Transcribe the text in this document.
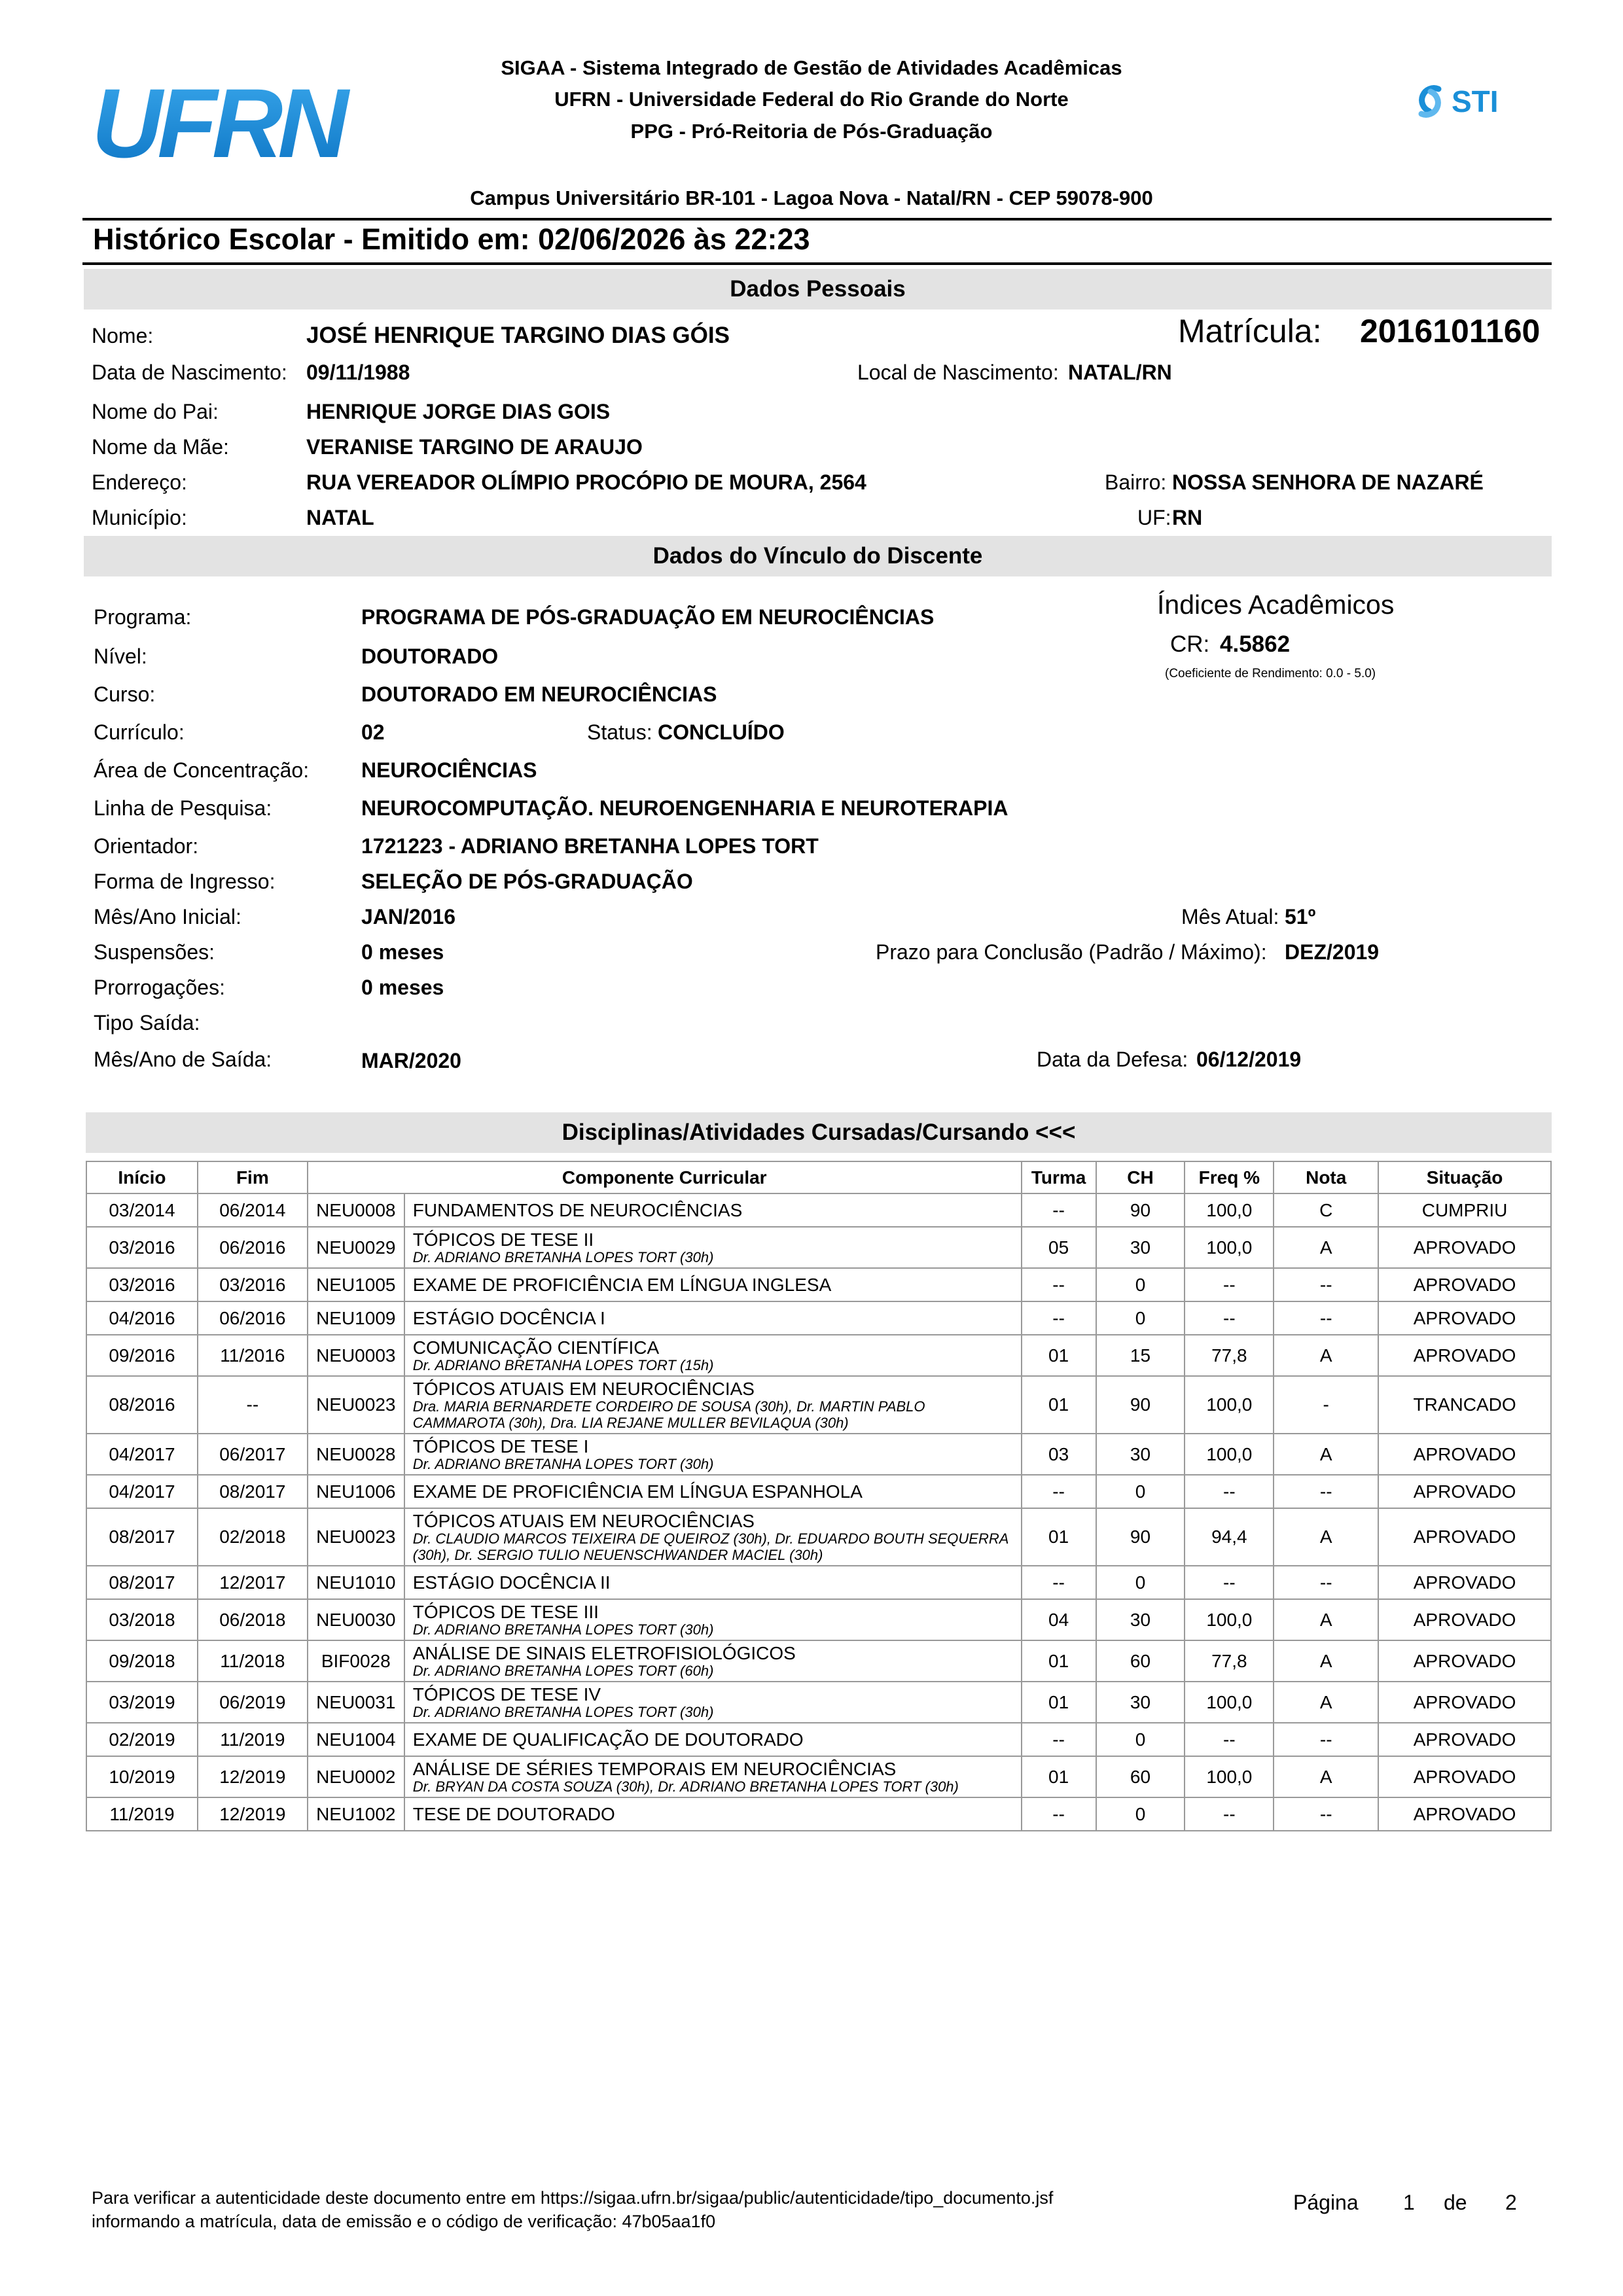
UFRN
SIGAA - Sistema Integrado de Gestão de Atividades Acadêmicas
UFRN - Universidade Federal do Rio Grande do Norte
PPG - Pró-Reitoria de Pós-Graduação
STI
Campus Universitário BR-101 - Lagoa Nova - Natal/RN - CEP 59078-900
Histórico Escolar - Emitido em: 02/06/2026 às 22:23
Dados Pessoais
Nome:	JOSÉ HENRIQUE TARGINO DIAS GÓIS	Matrícula: 2016101160
Data de Nascimento: 09/11/1988	Local de Nascimento: NATAL/RN
Nome do Pai:	HENRIQUE JORGE DIAS GOIS
Nome da Mãe:	VERANISE TARGINO DE ARAUJO
Endereço:	RUA VEREADOR OLÍMPIO PROCÓPIO DE MOURA, 2564	Bairro: NOSSA SENHORA DE NAZARÉ
Município:	NATAL	UF: RN
Dados do Vínculo do Discente
Programa:	PROGRAMA DE PÓS-GRADUAÇÃO EM NEUROCIÊNCIAS	Índices Acadêmicos
CR: 4.5862
(Coeficiente de Rendimento: 0.0 - 5.0)
Nível:	DOUTORADO
Curso:	DOUTORADO EM NEUROCIÊNCIAS
Currículo:	02	Status: CONCLUÍDO
Área de Concentração: NEUROCIÊNCIAS
Linha de Pesquisa:	NEUROCOMPUTAÇÃO. NEUROENGENHARIA E NEUROTERAPIA
Orientador:	1721223 - ADRIANO BRETANHA LOPES TORT
Forma de Ingresso:	SELEÇÃO DE PÓS-GRADUAÇÃO
Mês/Ano Inicial:	JAN/2016	Mês Atual: 51º
Suspensões:	0 meses	Prazo para Conclusão (Padrão / Máximo): DEZ/2019
Prorrogações:	0 meses
Tipo Saída:
Mês/Ano de Saída:	MAR/2020	Data da Defesa: 06/12/2019
Disciplinas/Atividades Cursadas/Cursando <<<
Início	Fim	Componente Curricular		Turma	CH	Freq %	Nota	Situação
03/2014	06/2014	NEU0008	FUNDAMENTOS DE NEUROCIÊNCIAS	--	90	100,0	C	CUMPRIU
03/2016	06/2016	NEU0029	TÓPICOS DE TESE II
Dr. ADRIANO BRETANHA LOPES TORT (30h)	05	30	100,0	A	APROVADO
03/2016	03/2016	NEU1005	EXAME DE PROFICIÊNCIA EM LÍNGUA INGLESA	--	0	--	--	APROVADO
04/2016	06/2016	NEU1009	ESTÁGIO DOCÊNCIA I	--	0	--	--	APROVADO
09/2016	11/2016	NEU0003	COMUNICAÇÃO CIENTÍFICA
Dr. ADRIANO BRETANHA LOPES TORT (15h)	01	15	77,8	A	APROVADO
08/2016	--	NEU0023	TÓPICOS ATUAIS EM NEUROCIÊNCIAS
Dra. MARIA BERNARDETE CORDEIRO DE SOUSA (30h), Dr. MARTIN PABLO CAMMAROTA (30h), Dra. LIA REJANE MULLER BEVILAQUA (30h)	01	90	100,0	-	TRANCADO
04/2017	06/2017	NEU0028	TÓPICOS DE TESE I
Dr. ADRIANO BRETANHA LOPES TORT (30h)	03	30	100,0	A	APROVADO
04/2017	08/2017	NEU1006	EXAME DE PROFICIÊNCIA EM LÍNGUA ESPANHOLA	--	0	--	--	APROVADO
08/2017	02/2018	NEU0023	TÓPICOS ATUAIS EM NEUROCIÊNCIAS
Dr. CLAUDIO MARCOS TEIXEIRA DE QUEIROZ (30h), Dr. EDUARDO BOUTH SEQUERRA (30h), Dr. SERGIO TULIO NEUENSCHWANDER MACIEL (30h)	01	90	94,4	A	APROVADO
08/2017	12/2017	NEU1010	ESTÁGIO DOCÊNCIA II	--	0	--	--	APROVADO
03/2018	06/2018	NEU0030	TÓPICOS DE TESE III
Dr. ADRIANO BRETANHA LOPES TORT (30h)	04	30	100,0	A	APROVADO
09/2018	11/2018	BIF0028	ANÁLISE DE SINAIS ELETROFISIOLÓGICOS
Dr. ADRIANO BRETANHA LOPES TORT (60h)	01	60	77,8	A	APROVADO
03/2019	06/2019	NEU0031	TÓPICOS DE TESE IV
Dr. ADRIANO BRETANHA LOPES TORT (30h)	01	30	100,0	A	APROVADO
02/2019	11/2019	NEU1004	EXAME DE QUALIFICAÇÃO DE DOUTORADO	--	0	--	--	APROVADO
10/2019	12/2019	NEU0002	ANÁLISE DE SÉRIES TEMPORAIS EM NEUROCIÊNCIAS
Dr. BRYAN DA COSTA SOUZA (30h), Dr. ADRIANO BRETANHA LOPES TORT (30h)	01	60	100,0	A	APROVADO
11/2019	12/2019	NEU1002	TESE DE DOUTORADO	--	0	--	--	APROVADO
Para verificar a autenticidade deste documento entre em https://sigaa.ufrn.br/sigaa/public/autenticidade/tipo_documento.jsf
informando a matrícula, data de emissão e o código de verificação: 47b05aa1f0
Página 1 de 2
